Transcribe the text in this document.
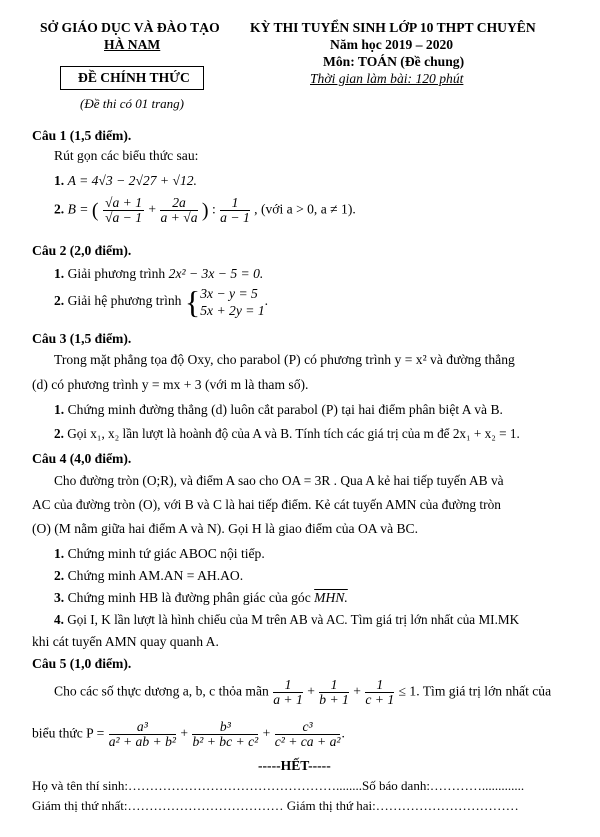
SỞ GIÁO DỤC VÀ ĐÀO TẠO
HÀ NAM
ĐỀ CHÍNH THỨC
(Đề thi có 01 trang)
KỲ THI TUYỂN SINH LỚP 10 THPT CHUYÊN
Năm học 2019 – 2020
Môn: TOÁN (Đề chung)
Thời gian làm bài: 120 phút
Câu 1 (1,5 điểm).
Rút gọn các biểu thức sau:
1. A = 4√3 − 2√27 + √12.
2. B = ( $\frac{√a + 1}{√a - 1} + \frac{2a}{a + √a}$ ) : $\frac{1}{a - 1}$ , (với a > 0, a ≠ 1).
Câu 2 (2,0 điểm).
1. Giải phương trình 2x² − 3x − 5 = 0.
2. Giải hệ phương trình { 3x − y = 5
5x + 2y = 1
.
Câu 3 (1,5 điểm).
Trong mặt phẳng tọa độ Oxy, cho parabol (P) có phương trình y = x² và đường thẳng
(d) có phương trình y = mx + 3 (với m là tham số).
1. Chứng minh đường thẳng (d) luôn cắt parabol (P) tại hai điểm phân biệt A và B.
2. Gọi x₁, x₂ lần lượt là hoành độ của A và B. Tính tích các giá trị của m để 2x₁ + x₂ = 1.
Câu 4 (4,0 điểm).
Cho đường tròn (O;R), và điểm A sao cho OA = 3R . Qua A kẻ hai tiếp tuyến AB và
AC của đường tròn (O), với B và C là hai tiếp điểm. Kẻ cát tuyến AMN của đường tròn
(O) (M nằm giữa hai điểm A và N). Gọi H là giao điểm của OA và BC.
1. Chứng minh tứ giác ABOC nội tiếp.
2. Chứng minh AM.AN = AH.AO.
3. Chứng minh HB là đường phân giác của góc MHN.
4. Gọi I, K lần lượt là hình chiếu của M trên AB và AC. Tìm giá trị lớn nhất của MI.MK
khi cát tuyến AMN quay quanh A.
Câu 5 (1,0 điểm).
Cho các số thực dương a, b, c thỏa mãn $\frac{1}{a + 1} + \frac{1}{b + 1} + \frac{1}{c + 1} \le 1$. Tìm giá trị lớn nhất của
biểu thức $P = \frac{\text{a³}}{\text{a² + ab + b²}} + \frac{\text{b³}}{\text{b² + bc + c²}} + \frac{\text{c³}}{\text{c² + ca + a²}}$ .
-----HẾT-----
Họ và tên thí sinh:…………………………………………........Số báo danh:………….............
Giám thị thứ nhất:……………………………… Giám thị thứ hai:……………………………
